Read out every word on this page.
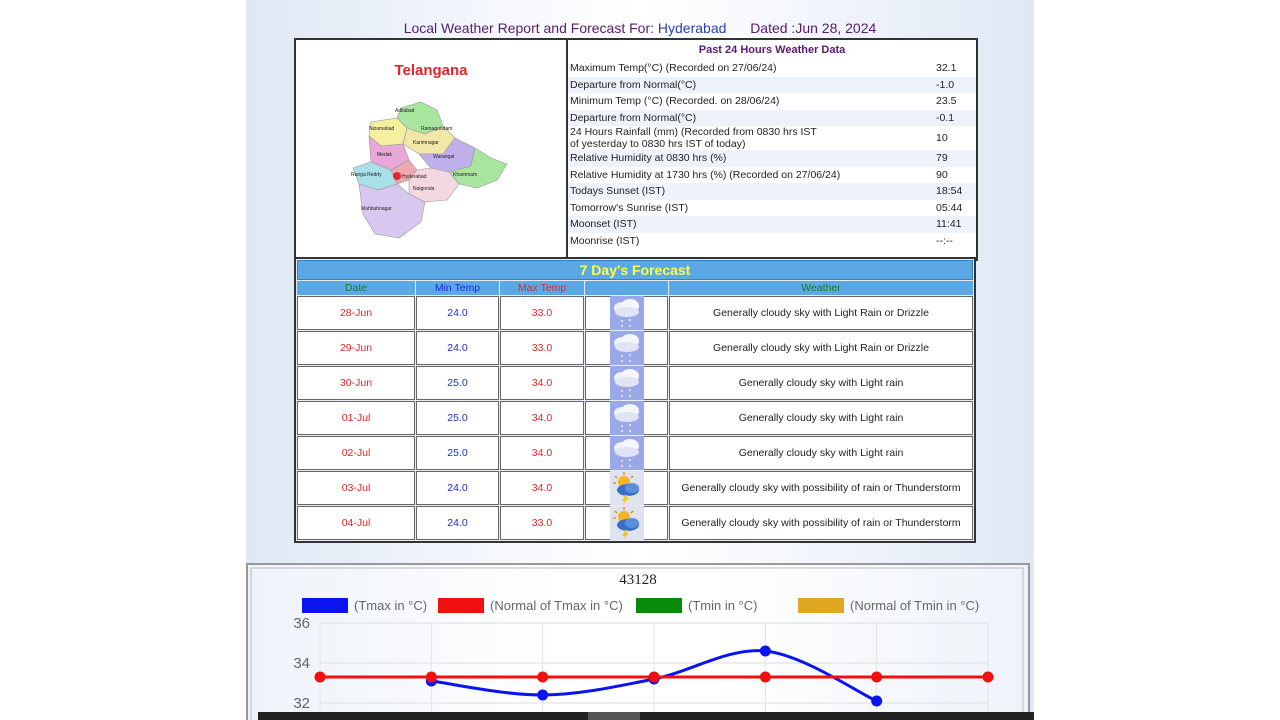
Local Weather Report and Forecast For: Hyderabad Dated :Jun 28, 2024
Telangana
Adilabad
Nizamabad	Ramagundam
Karimnagar
Medak	Warangal
Ranga Reddy	Hyderabad	Khammam
Nalgonda
Mahbubnagar
Past 24 Hours Weather Data
Maximum Temp(°C) (Recorded on 27/06/24)	32.1
Departure from Normal(°C)	-1.0
Minimum Temp (°C) (Recorded. on 28/06/24)	23.5
Departure from Normal(°C)	-0.1
24 Hours Rainfall (mm) (Recorded from 0830 hrs IST
of yesterday to 0830 hrs IST of today)	10
Relative Humidity at 0830 hrs (%)	79
Relative Humidity at 1730 hrs (%) (Recorded on 27/06/24)	90
Todays Sunset (IST)	18:54
Tomorrow's Sunrise (IST)	05:44
Moonset (IST)	11:41
Moonrise (IST)	--:--
7 Day's Forecast
Date	Min Temp	Max Temp	Weather
28-Jun	24.0	33.0	Generally cloudy sky with Light Rain or Drizzle
29-Jun	24.0	33.0	Generally cloudy sky with Light Rain or Drizzle
30-Jun	25.0	34.0	Generally cloudy sky with Light rain
01-Jul	25.0	34.0	Generally cloudy sky with Light rain
02-Jul	25.0	34.0	Generally cloudy sky with Light rain
03-Jul	24.0	34.0	Generally cloudy sky with possibility of rain or Thunderstorm
04-Jul	24.0	33.0	Generally cloudy sky with possibility of rain or Thunderstorm
43128
(Tmax in °C)	(Normal of Tmax in °C)	(Tmin in °C)	(Normal of Tmin in °C)
36
34
32
